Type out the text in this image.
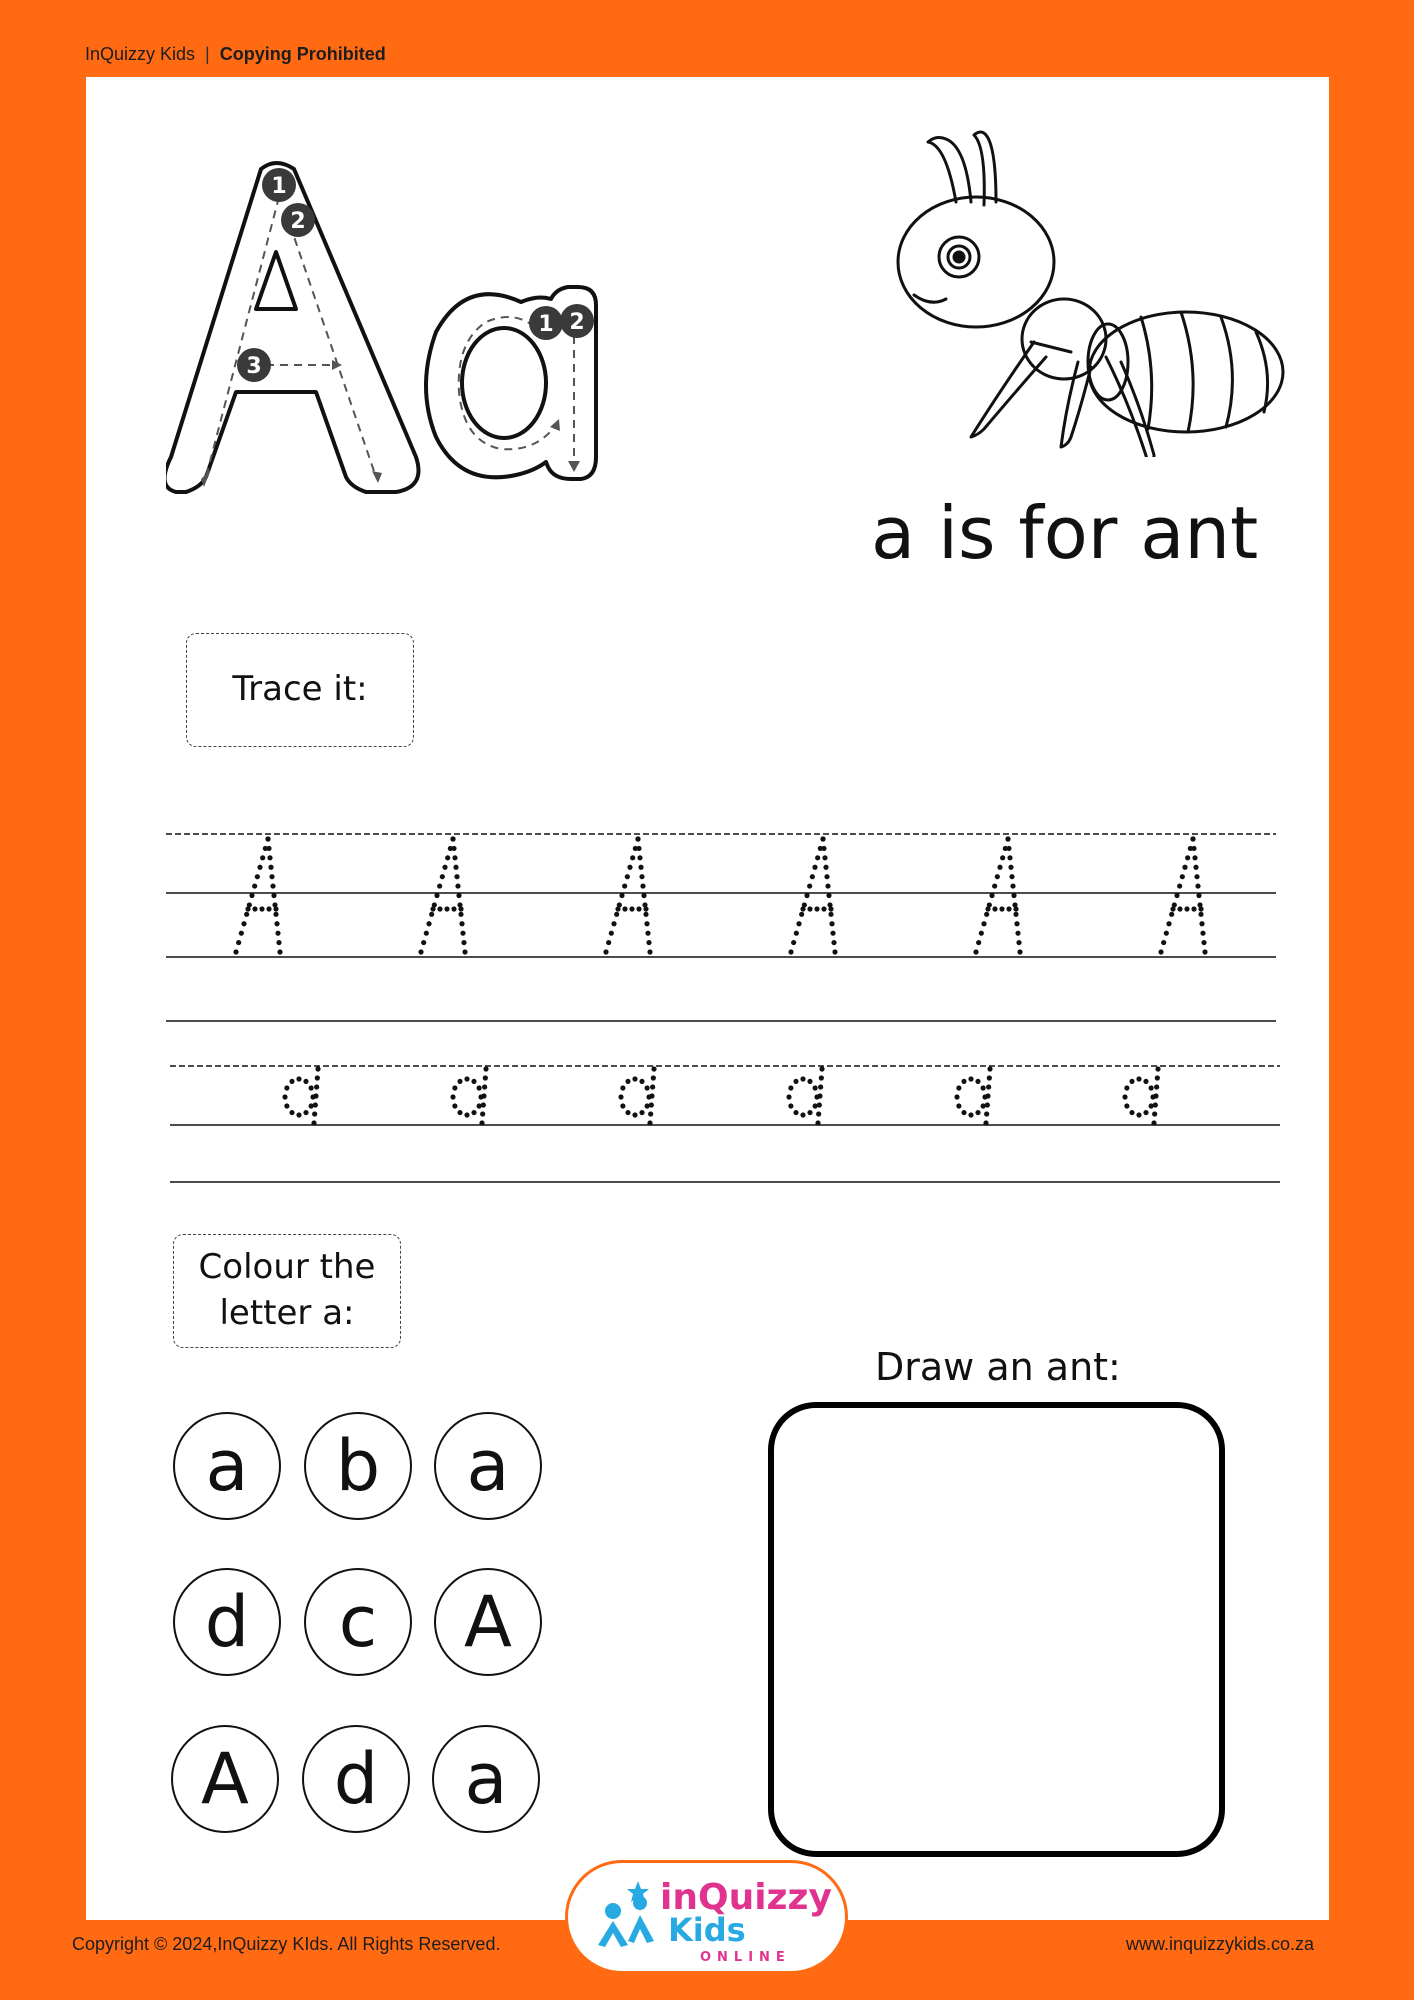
InQuizzy Kids | Copying Prohibited
1
2
3
1 2
a is for ant
Trace it:
Colour the
letter a:
a	b	a
d	c	A
A	d	a
Draw an ant:
Copyright © 2024,InQuizzy KIds. All Rights Reserved.	www.inquizzykids.co.za
inQuizzy
Kids
ONLINE
